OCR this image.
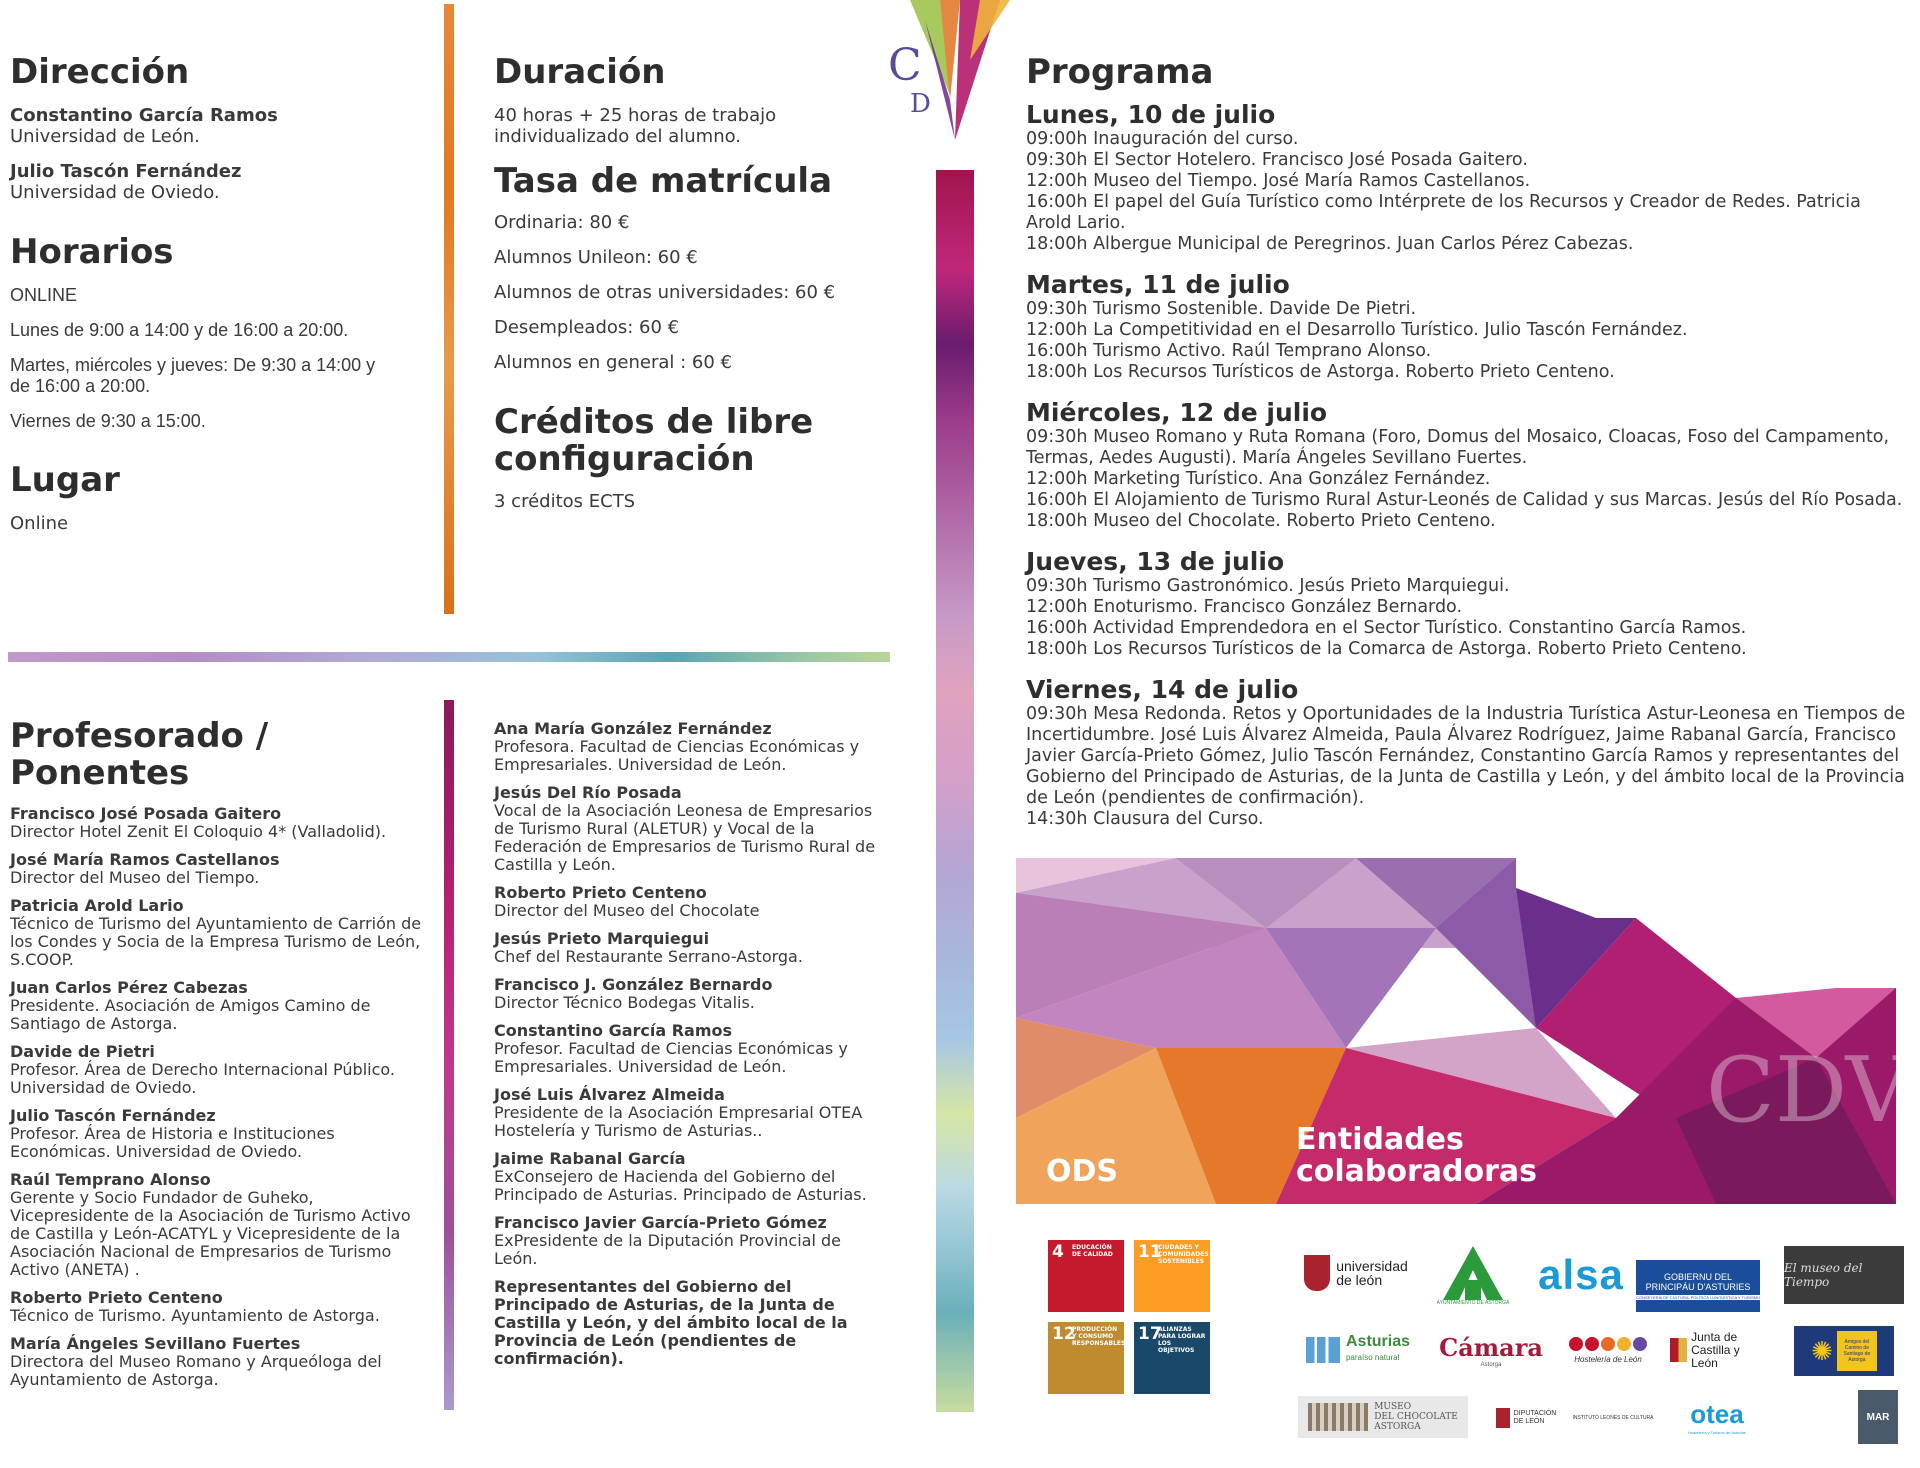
C
D
Dirección

Constantino García Ramos

Universidad de León.

Julio Tascón Fernández

Universidad de Oviedo.

Horarios

ONLINE

Lunes de 9:00 a 14:00 y de 16:00 a 20:00.

Martes, miércoles y jueves: De 9:30 a 14:00 y de 16:00 a 20:00.

Viernes de 9:30 a 15:00.

Lugar

Online

Duración

40 horas + 25 horas de trabajo individualizado del alumno.

Tasa de matrícula

Ordinaria: 80 €

Alumnos Unileon: 60 €

Alumnos de otras universidades: 60 €

Desempleados: 60 €

Alumnos en general : 60 €

Créditos de libre
configuración

3 créditos ECTS

Profesorado / Ponentes
Francisco José Posada Gaitero
Director Hotel Zenit El Coloquio 4* (Valladolid).
José María Ramos Castellanos
Director del Museo del Tiempo.
Patricia Arold Lario
Técnico de Turismo del Ayuntamiento de Carrión de los Condes y Socia de la Empresa Turismo de León, S.COOP.
Juan Carlos Pérez Cabezas
Presidente. Asociación de Amigos Camino de Santiago de Astorga.
Davide de Pietri
Profesor. Área de Derecho Internacional Público. Universidad de Oviedo.
Julio Tascón Fernández
Profesor. Área de Historia e Instituciones Económicas. Universidad de Oviedo.
Raúl Temprano Alonso
Gerente y Socio Fundador de Guheko, Vicepresidente de la Asociación de Turismo Activo de Castilla y León-ACATYL y Vicepresidente de la Asociación Nacional de Empresarios de Turismo Activo (ANETA) .
Roberto Prieto Centeno
Técnico de Turismo. Ayuntamiento de Astorga.
María Ángeles Sevillano Fuertes
Directora del Museo Romano y Arqueóloga del Ayuntamiento de Astorga.
Ana María González Fernández
Profesora. Facultad de Ciencias Económicas y Empresariales. Universidad de León.
Jesús Del Río Posada
Vocal de la Asociación Leonesa de Empresarios de Turismo Rural (ALETUR) y Vocal de la Federación de Empresarios de Turismo Rural de Castilla y León.
Roberto Prieto Centeno
Director del Museo del Chocolate
Jesús Prieto Marquiegui
Chef del Restaurante Serrano-Astorga.
Francisco J. González Bernardo
Director Técnico Bodegas Vitalis.
Constantino García Ramos
Profesor. Facultad de Ciencias Económicas y Empresariales. Universidad de León.
José Luis Álvarez Almeida
Presidente de la Asociación Empresarial OTEA Hostelería y Turismo de Asturias..
Jaime Rabanal García
ExConsejero de Hacienda del Gobierno del Principado de Asturias. Principado de Asturias.
Francisco Javier García-Prieto Gómez
ExPresidente de la Diputación Provincial de León.
Representantes del Gobierno del Principado de Asturias, de la Junta de Castilla y León, y del ámbito local de la Provincia de León (pendientes de confirmación).
Programa

Lunes, 10 de julio

09:00h Inauguración del curso.

09:30h El Sector Hotelero. Francisco José Posada Gaitero.

12:00h Museo del Tiempo. José María Ramos Castellanos.

16:00h El papel del Guía Turístico como Intérprete de los Recursos y Creador de Redes. Patricia Arold Lario.

18:00h Albergue Municipal de Peregrinos. Juan Carlos Pérez Cabezas.

Martes, 11 de julio

09:30h Turismo Sostenible. Davide De Pietri.

12:00h La Competitividad en el Desarrollo Turístico. Julio Tascón Fernández.

16:00h Turismo Activo. Raúl Temprano Alonso.

18:00h Los Recursos Turísticos de Astorga. Roberto Prieto Centeno.

Miércoles, 12 de julio

09:30h Museo Romano y Ruta Romana (Foro, Domus del Mosaico, Cloacas, Foso del Campamento, Termas, Aedes Augusti). María Ángeles Sevillano Fuertes.

12:00h Marketing Turístico. Ana González Fernández.

16:00h El Alojamiento de Turismo Rural Astur-Leonés de Calidad y sus Marcas. Jesús del Río Posada.

18:00h Museo del Chocolate. Roberto Prieto Centeno.

Jueves, 13 de julio

09:30h Turismo Gastronómico. Jesús Prieto Marquiegui.

12:00h Enoturismo. Francisco González Bernardo.

16:00h Actividad Emprendedora en el Sector Turístico. Constantino García Ramos.

18:00h Los Recursos Turísticos de la Comarca de Astorga. Roberto Prieto Centeno.

Viernes, 14 de julio

09:30h Mesa Redonda. Retos y Oportunidades de la Industria Turística Astur-Leonesa en Tiempos de Incertidumbre. José Luis Álvarez Almeida, Paula Álvarez Rodríguez, Jaime Rabanal García, Francisco Javier García-Prieto Gómez, Julio Tascón Fernández, Constantino García Ramos y representantes del Gobierno del Principado de Asturias, de la Junta de Castilla y León, y del ámbito local de la Provincia de León (pendientes de confirmación).

14:30h Clausura del Curso.

ODS
Entidades
colaboradoras
CDV
4 EDUCACIÓN DE CALIDAD	11
CIUDADES Y COMUNIDADES SOSTENIBLES
12
PRODUCCIÓN Y CONSUMO RESPONSABLES 17
ALIANZAS PARA LOGRAR LOS OBJETIVOS
universidad
de león
AYUNTAMIENTO DE ASTORGA
alsa	GOBIERNU DEL
PRINCIPÁU D'ASTURIES
CONSEYERÍA DE CULTURA, POLÍTICA LLINGÜÍSTICA Y TURISMU
El museo del Tiempo
Asturias
paraíso natural	Cámara
Astorga
Hostelería de León
Junta de
Castilla y León	✺	Amigos del Camino de Santiago de Astorga
MUSEO
DEL CHOCOLATE
ASTORGA
DIPUTACIÓN
DE LEÓN	INSTITUTO LEONÉS DE CULTURA otea
Hostelería y Turismo de Asturias
MAR
